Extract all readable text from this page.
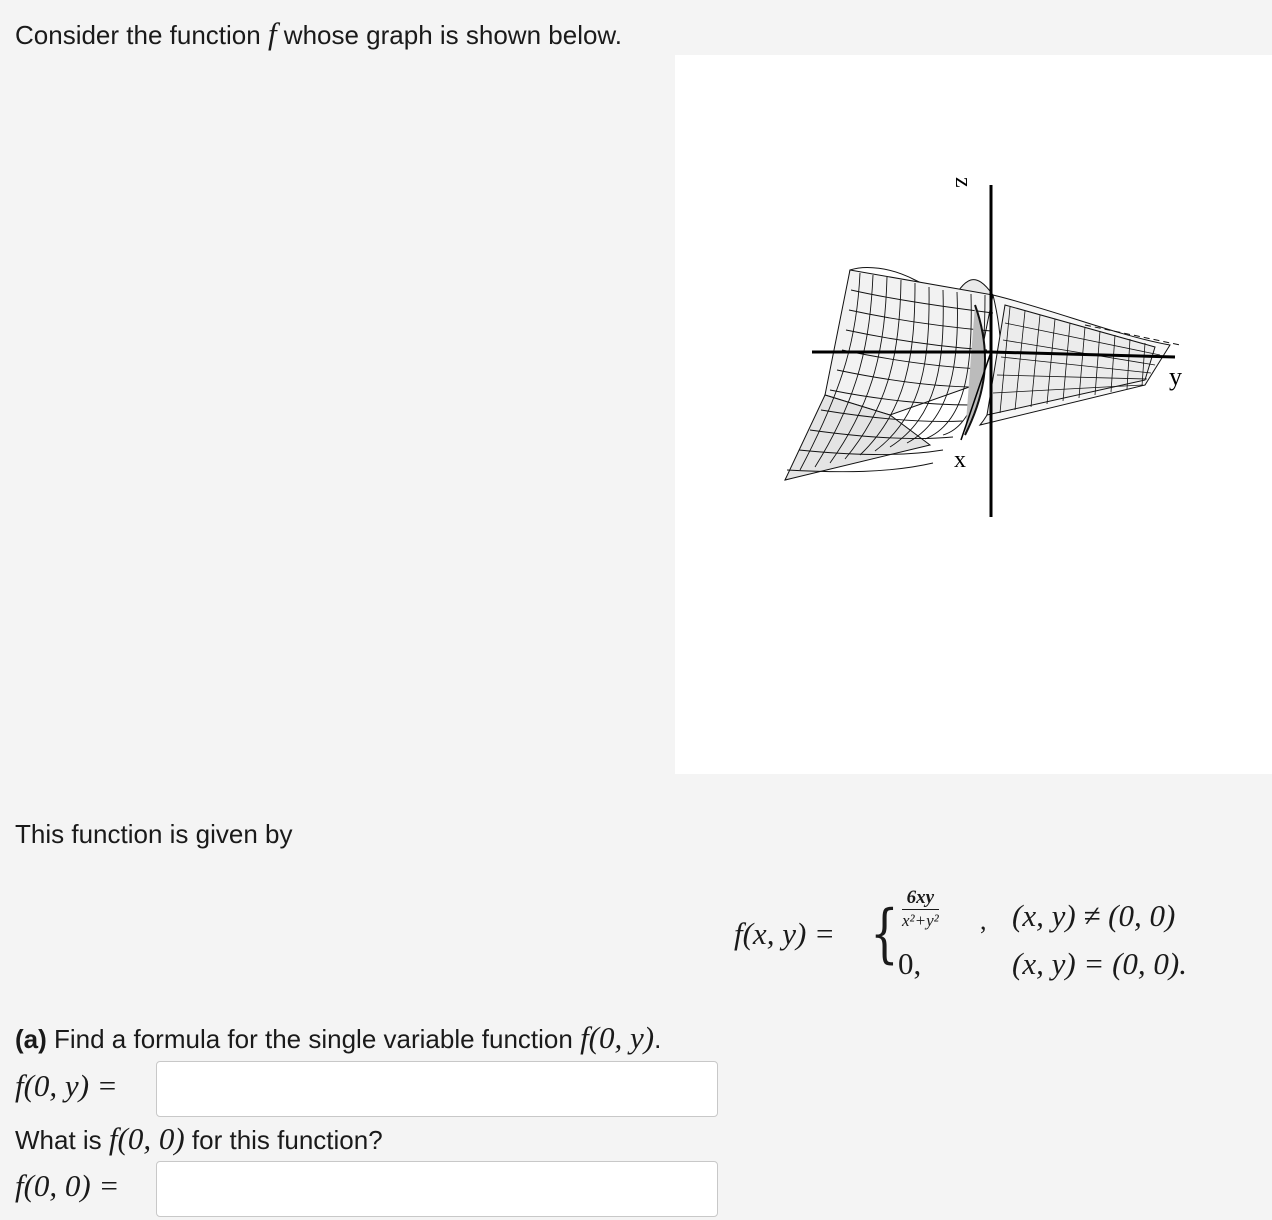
Consider the function f whose graph is shown below.
z
y
x
This function is given by
f(x, y) = { 6xy
x²+y² ,
0,
(x, y) ≠ (0, 0)
(x, y) = (0, 0).
(a) Find a formula for the single variable function f(0, y).
f(0, y) =
What is f(0, 0) for this function?
f(0, 0) =
